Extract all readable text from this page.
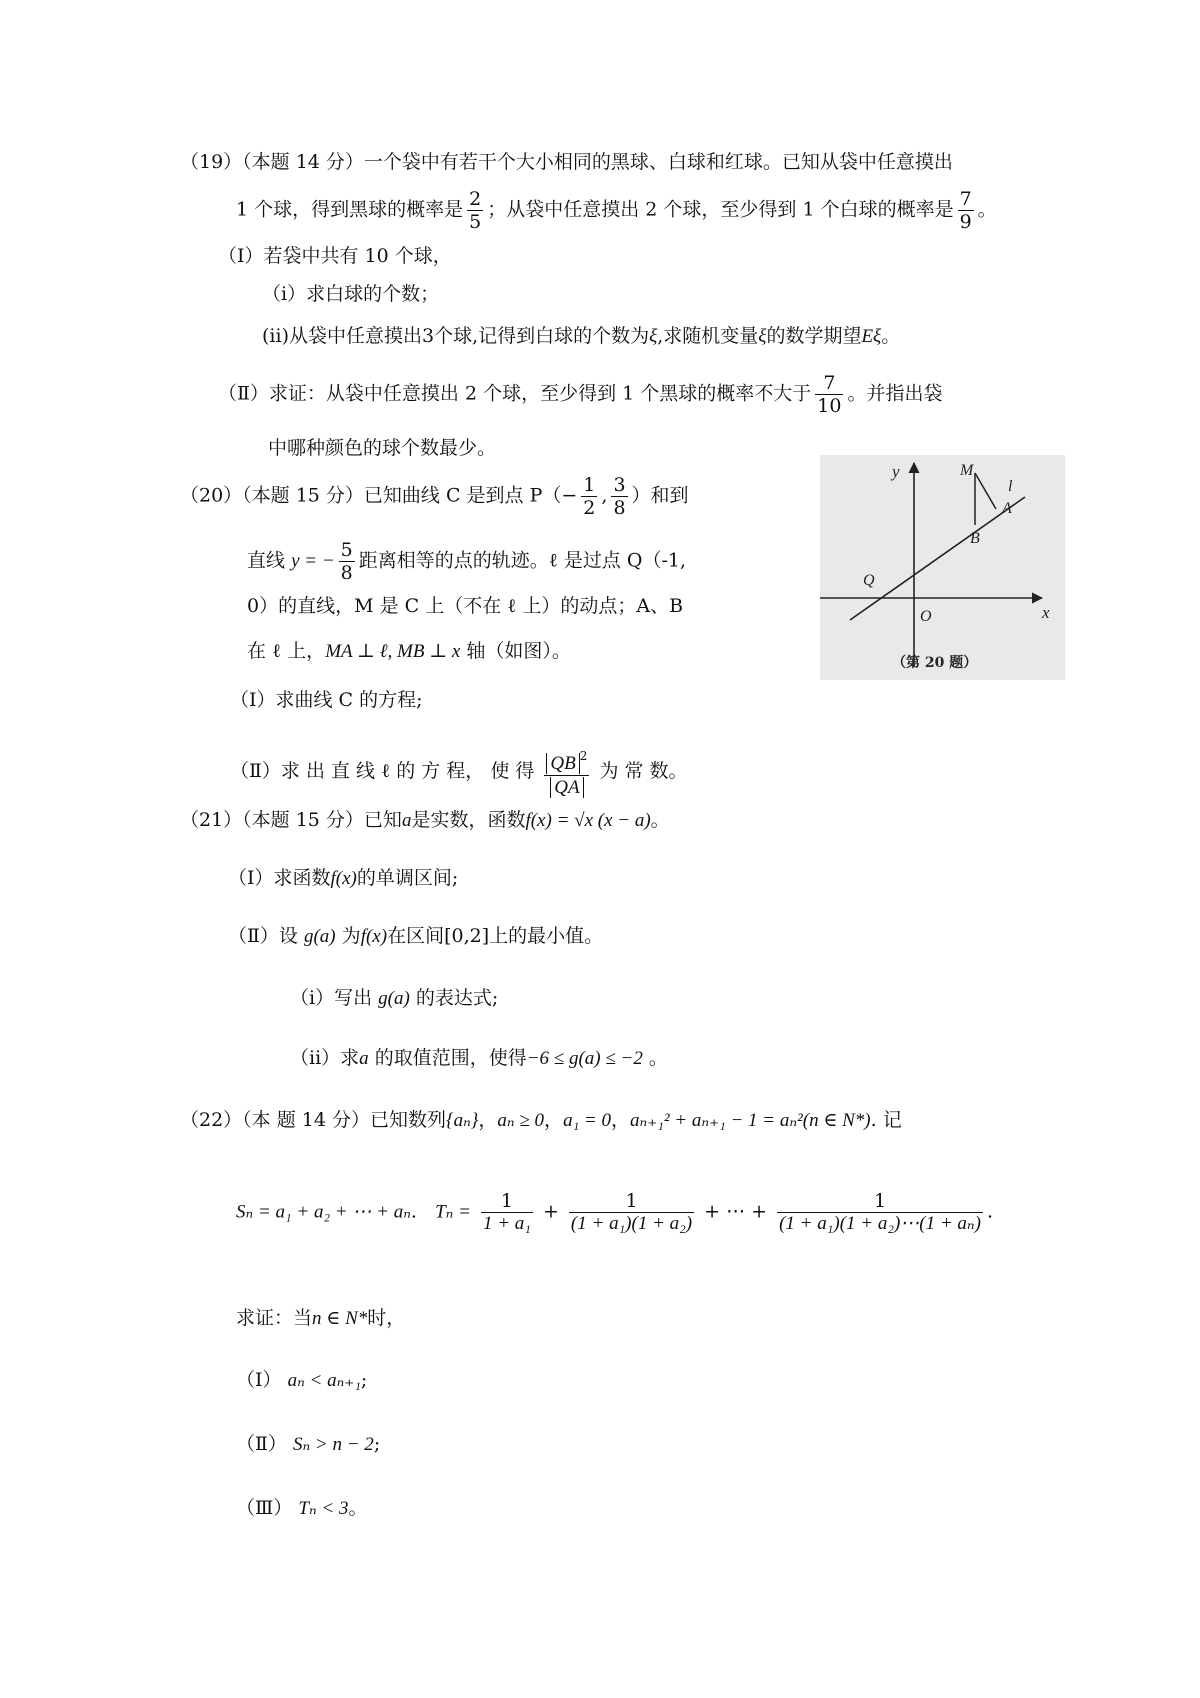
（19）（本题 14 分）一个袋中有若干个大小相同的黑球、白球和红球。已知从袋中任意摸出
1 个球，得到黑球的概率是 $\frac{2}{5}$ ；从袋中任意摸出 2 个球，至少得到 1 个白球的概率是 $\frac{7}{9}$ 。
（Ⅰ）若袋中共有 10 个球，
（i）求白球的个数；
(ii)从袋中任意摸出3个球,记得到白球的个数为ξ,求随机变量ξ的数学期望Eξ。
（Ⅱ）求证：从袋中任意摸出 2 个球，至少得到 1 个黑球的概率不大于 $\frac{7}{10}$ 。并指出袋
中哪种颜色的球个数最少。
（20）（本题 15 分）已知曲线 C 是到点 $P(- \frac{1}{2}$ , $\frac{3}{8}$ ）和到
直线 y = − $\frac{5}{8}$ 距离相等的点的轨迹。ℓ 是过点 Q（-1,
0）的直线，M 是 C 上（不在 ℓ 上）的动点；A、B
在 ℓ 上，MA ⊥ ℓ, MB ⊥ x 轴（如图）。
（Ⅰ）求曲线 C 的方程;
（Ⅱ）求 出 直 线 ℓ 的 方 程， 使 得 $\frac{QB ^2}{QA}$ 为 常 数。
y
x
M
l
A
B
Q
O
（第 20 题）
（21）（本题 15 分）已知a是实数，函数f(x) = √x (x − a)。
（Ⅰ）求函数f(x)的单调区间;
（Ⅱ）设 g(a) 为f(x)在区间[0,2]上的最小值。
（i）写出 g(a) 的表达式;
（ii）求a 的取值范围，使得−6 ≤ g(a) ≤ −2 。
（22）（本 题 14 分）已知数列{aₙ}，aₙ ≥ 0，a₁ = 0，aₙ₊₁² + aₙ₊₁ − 1 = aₙ²(n ∈ N*). 记
Sₙ = a₁ + a₂ + ⋯ + aₙ. $T_n = \frac{1}{\text{1 + a₁}} + \frac{1}{\text{(1 + a₁)(1 + a₂)}}$ + ⋯ + $\frac{1}{\text{(1 + a₁)(1 + a₂)⋯(1 + aₙ)}}$ .
求证：当n ∈ N*时，
（Ⅰ） aₙ < aₙ₊₁;
（Ⅱ） Sₙ > n − 2;
（Ⅲ） Tₙ < 3。
